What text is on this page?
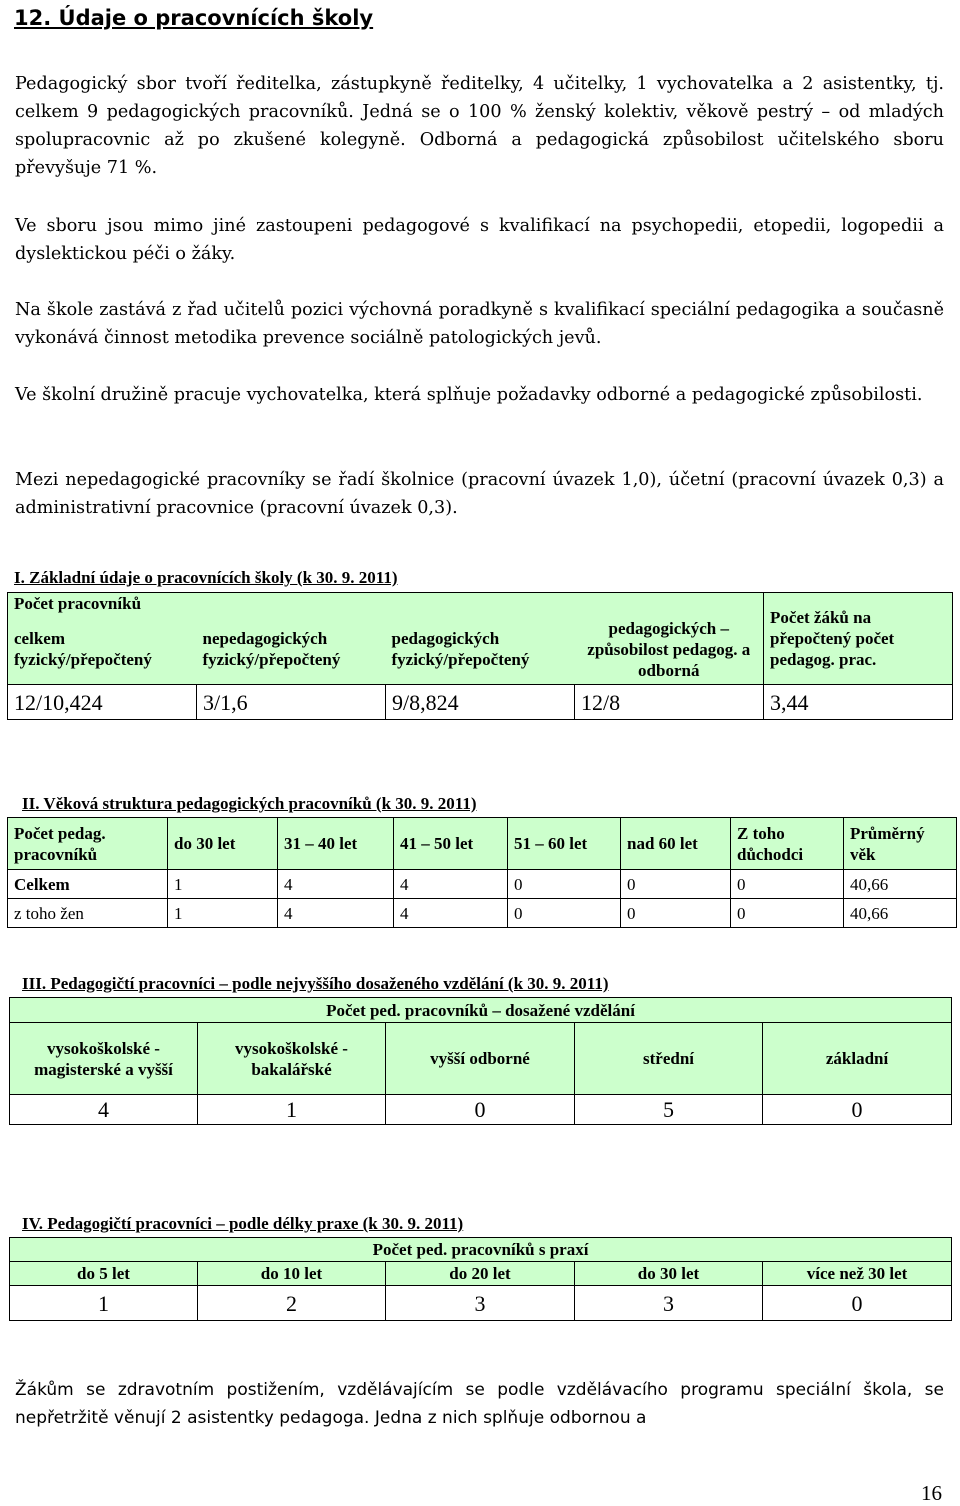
12. Údaje o pracovnících školy

Pedagogický sbor tvoří ředitelka, zástupkyně ředitelky, 4 učitelky, 1 vychovatelka a 2 asistentky, tj. celkem 9 pedagogických pracovníků. Jedná se o 100 % ženský kolektiv, věkově pestrý – od mladých spolupracovnic až po zkušené kolegyně. Odborná a pedagogická způsobilost učitelského sboru převyšuje 71 %.

Ve sboru jsou mimo jiné zastoupeni pedagogové s kvalifikací na psychopedii, etopedii, logopedii a dyslektickou péči o žáky.

Na škole zastává z řad učitelů pozici výchovná poradkyně s kvalifikací speciální pedagogika a současně vykonává činnost metodika prevence sociálně patologických jevů.

Ve školní družině pracuje vychovatelka, která splňuje požadavky odborné a pedagogické způsobilosti.

Mezi nepedagogické pracovníky se řadí školnice (pracovní úvazek 1,0), účetní (pracovní úvazek 0,3) a administrativní pracovnice (pracovní úvazek 0,3).

I. Základní údaje o pracovnících školy (k 30. 9. 2011)

Počet pracovníků				Počet žáků na přepočtený počet pedagog. prac.
celkem fyzický/přepočtený	nepedagogických fyzický/přepočtený	pedagogických fyzický/přepočtený	pedagogických – způsobilost pedagog. a odborná	
12/10,424	3/1,6	9/8,824	12/8	3,44

II. Věková struktura pedagogických pracovníků (k 30. 9. 2011)

Počet pedag. pracovníků	do 30 let	31 – 40 let	41 – 50 let	51 – 60 let	nad 60 let	Z toho důchodci	Průměrný věk
Celkem	1	4	4	0	0	0	40,66
z toho žen	1	4	4	0	0	0	40,66

III. Pedagogičtí pracovníci – podle nejvyššího dosaženého vzdělání (k 30. 9. 2011)

Počet ped. pracovníků – dosažené vzdělání				
vysokoškolské - magisterské a vyšší	vysokoškolské - bakalářské	vyšší odborné	střední	základní
4	1	0	5	0

IV. Pedagogičtí pracovníci – podle délky praxe (k 30. 9. 2011)

Počet ped. pracovníků s praxí				
do 5 let	do 10 let	do 20 let	do 30 let	více než 30 let
1	2	3	3	0

Žákům se zdravotním postižením, vzdělávajícím se podle vzdělávacího programu speciální škola, se nepřetržitě věnují 2 asistentky pedagoga. Jedna z nich splňuje odbornou a

16
